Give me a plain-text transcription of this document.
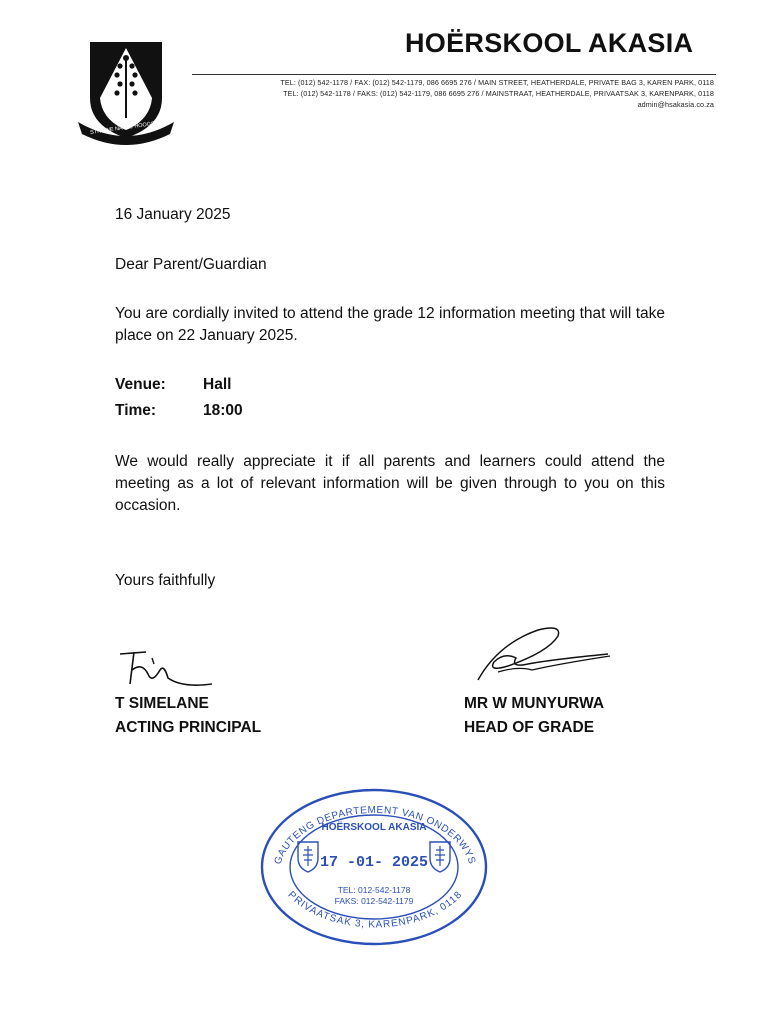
STREWE NA DIE HOOGSTE
HOËRSKOOL AKASIA
TEL: (012) 542-1178 / FAX: (012) 542-1179, 086 6695 276 / MAIN STREET, HEATHERDALE, PRIVATE BAG 3, KAREN PARK, 0118
TEL: (012) 542-1178 / FAKS: (012) 542-1179, 086 6695 276 / MAINSTRAAT, HEATHERDALE, PRIVAATSAK 3, KARENPARK, 0118
admin@hsakasia.co.za
16 January 2025
Dear Parent/Guardian
You are cordially invited to attend the grade 12 information meeting that will take place on 22 January 2025.
Venue: Hall
Time:	18:00
We would really appreciate it if all parents and learners could attend the meeting as a lot of relevant information will be given through to you on this occasion.
Yours faithfully
T SIMELANE
ACTING PRINCIPAL
MR W MUNYURWA
HEAD OF GRADE
GAUTENG DEPARTEMENT VAN ONDERWYS
PRIVAATSAK 3, KARENPARK, 0118
HOËRSKOOL AKASIA
17 -01- 2025
TEL: 012-542-1178
FAKS: 012-542-1179
